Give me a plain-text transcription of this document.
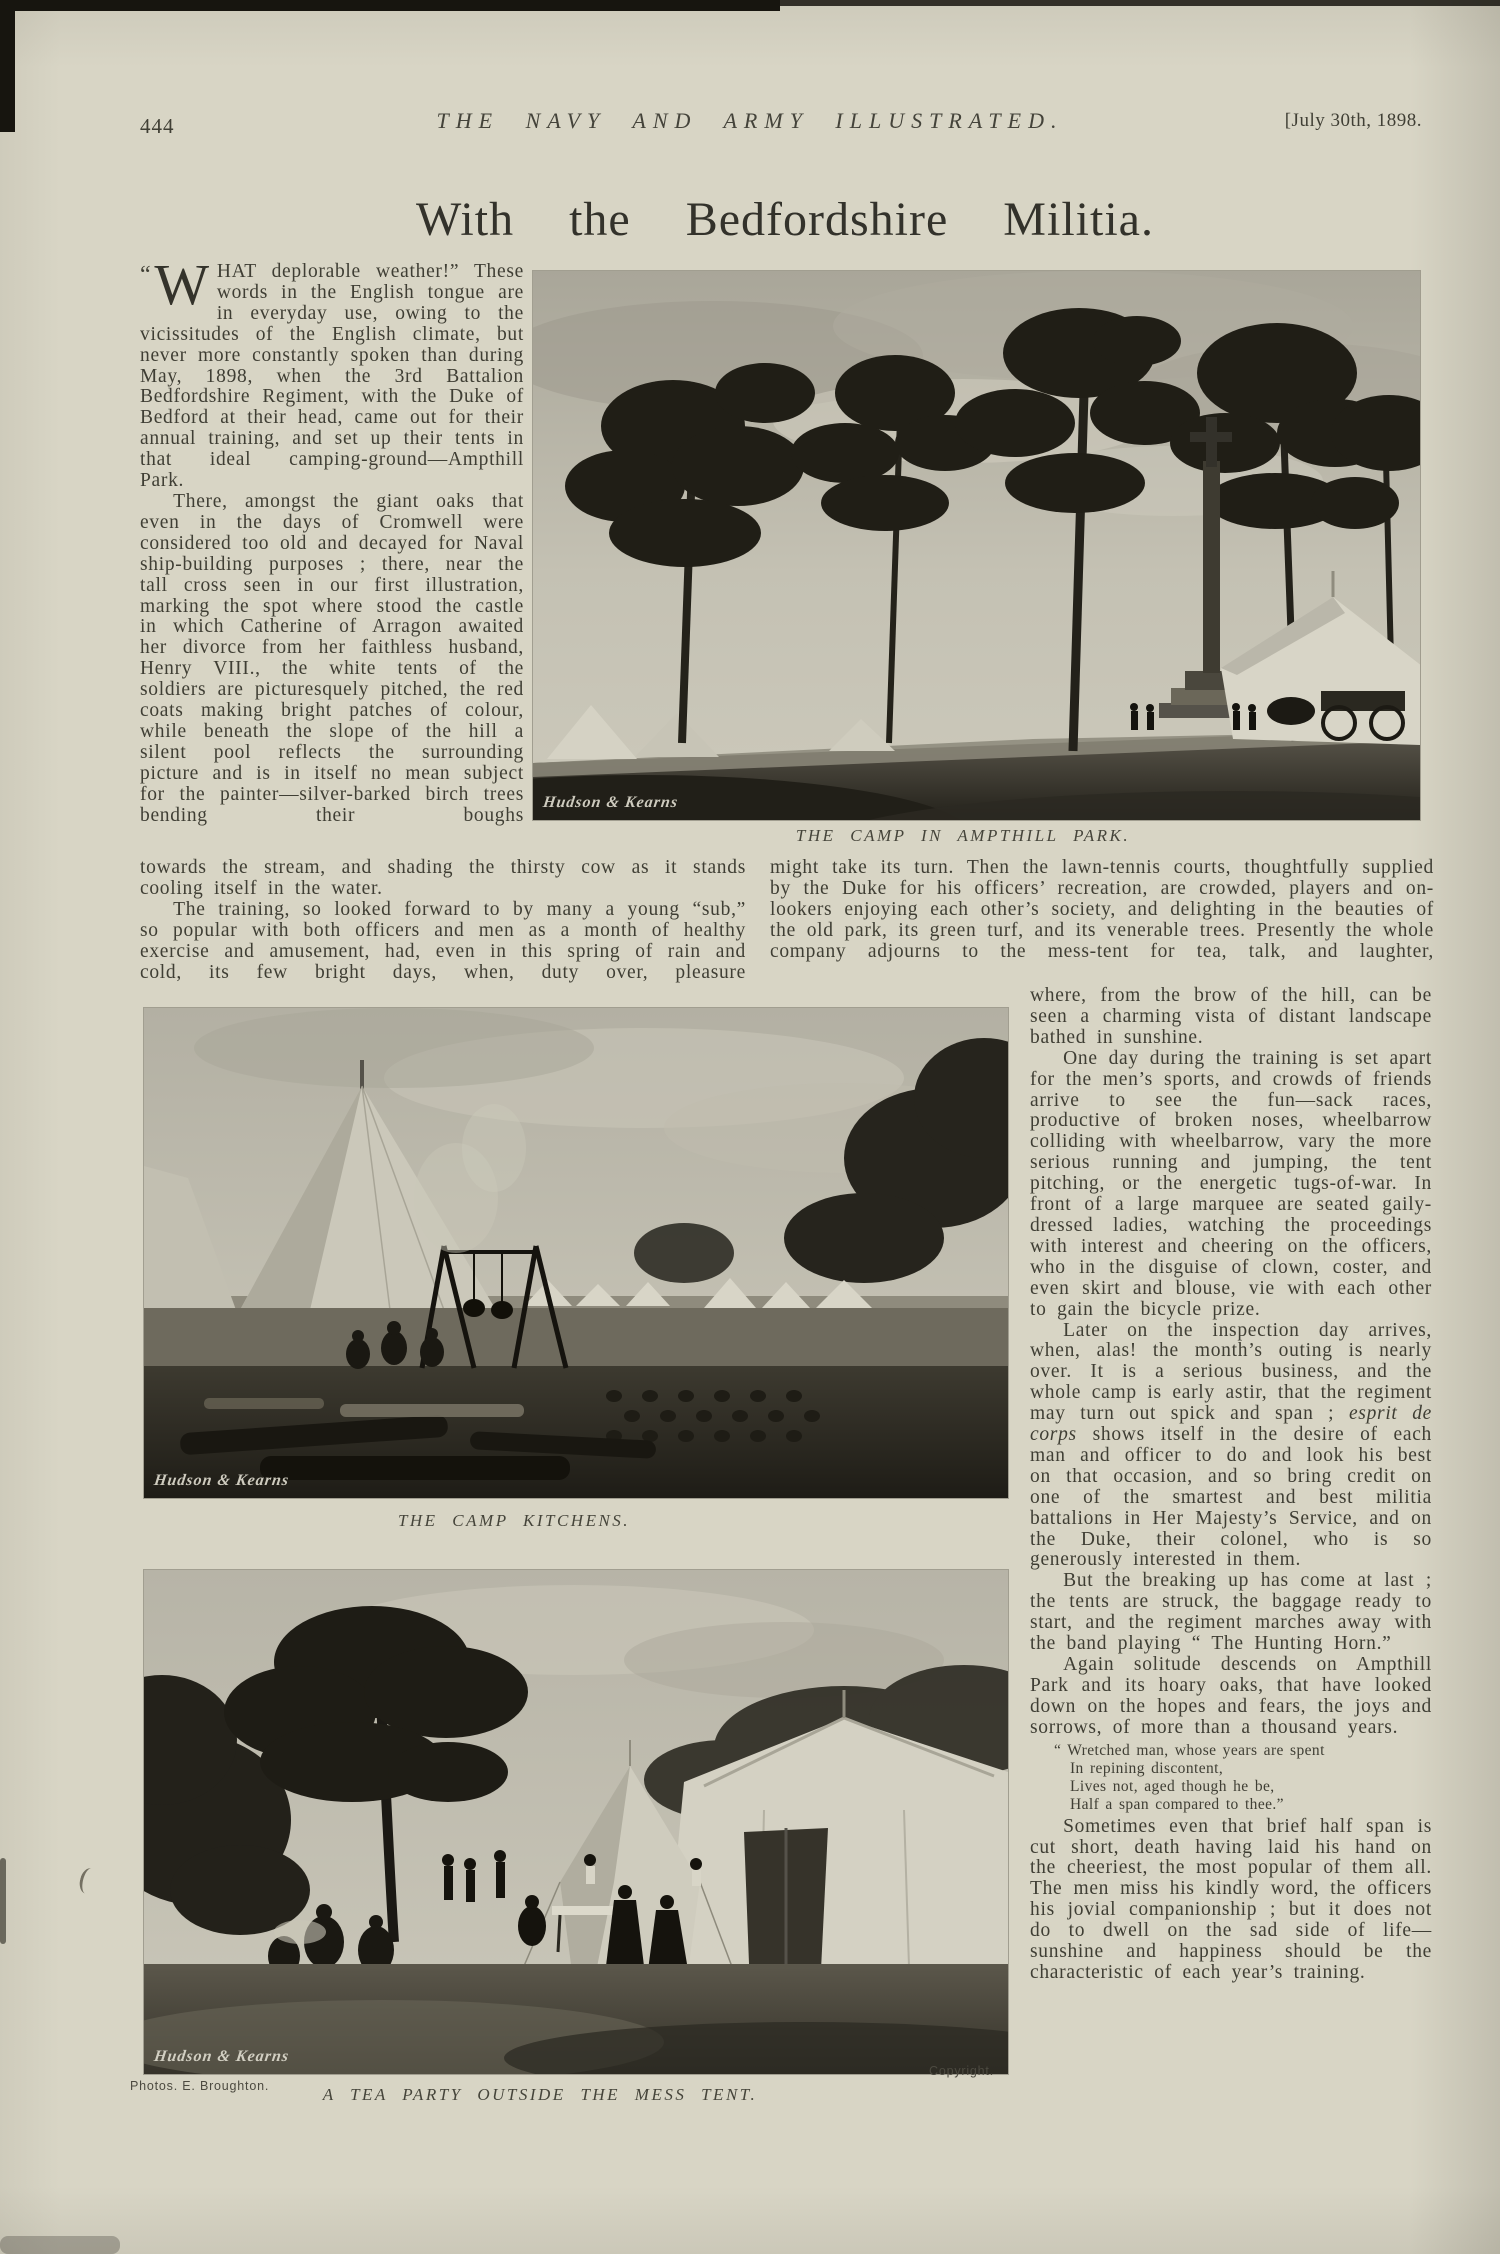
444	THE NAVY AND ARMY ILLUSTRATED.	[July 30th, 1898.
With the Bedfordshire Militia.

“ W HAT deplorable weather!” These words in the English tongue are in everyday use, owing to the vicissitudes of the English climate, but never more constantly spoken than during May, 1898, when the 3rd Battalion Bedfordshire Regiment, with the Duke of Bedford at their head, came out for their annual training, and set up their tents in that ideal camping-ground—Ampthill Park.

There, amongst the giant oaks that even in the days of Cromwell were considered too old and decayed for Naval ship-building purposes ; there, near the tall cross seen in our first illustration, marking the spot where stood the castle in which Catherine of Arragon awaited her divorce from her faithless husband, Henry VIII., the white tents of the soldiers are picturesquely pitched, the red coats making bright patches of colour, while beneath the slope of the hill a silent pool reflects the surrounding picture and is in itself no mean subject for the painter—silver-barked birch trees bending their boughs

towards the stream, and shading the thirsty cow as it stands cooling itself in the water.

The training, so looked forward to by many a young “sub,” so popular with both officers and men as a month of healthy exercise and amusement, had, even in this spring of rain and cold, its few bright days, when, duty over, pleasure

might take its turn. Then the lawn-tennis courts, thoughtfully supplied by the Duke for his officers’ recreation, are crowded, players and on-lookers enjoying each other’s society, and delighting in the beauties of the old park, its green turf, and its venerable trees. Presently the whole company adjourns to the mess-tent for tea, talk, and laughter,

where, from the brow of the hill, can be seen a charming vista of distant landscape bathed in sunshine.

One day during the training is set apart for the men’s sports, and crowds of friends arrive to see the fun—sack races, productive of broken noses, wheelbarrow colliding with wheelbarrow, vary the more serious running and jumping, the tent pitching, or the energetic tugs-of-war. In front of a large marquee are seated gaily-dressed ladies, watching the proceedings with interest and cheering on the officers, who in the disguise of clown, coster, and even skirt and blouse, vie with each other to gain the bicycle prize.

Later on the inspection day arrives, when, alas! the month’s outing is nearly over. It is a serious business, and the whole camp is early astir, that the regiment may turn out spick and span ; esprit de corps shows itself in the desire of each man and officer to do and look his best on that occasion, and so bring credit on one of the smartest and best militia battalions in Her Majesty’s Service, and on the Duke, their colonel, who is so generously interested in them.

But the breaking up has come at last ; the tents are struck, the baggage ready to start, and the regiment marches away with the band playing “ The Hunting Horn.”

Again solitude descends on Ampthill Park and its hoary oaks, that have looked down on the hopes and fears, the joys and sorrows, of more than a thousand years.

“ Wretched man, whose years are spent
In repining discontent,
Lives not, aged though he be,
Half a span compared to thee.”

Sometimes even that brief half span is cut short, death having laid his hand on the cheeriest, the most popular of them all. The men miss his kindly word, the officers his jovial companionship ; but it does not do to dwell on the sad side of life—sunshine and happiness should be the characteristic of each year’s training.

Hudson & Kearns
THE CAMP IN AMPTHILL PARK.
Hudson & Kearns
THE CAMP KITCHENS.
Hudson & Kearns
Photos. E. Broughton.	A TEA PARTY OUTSIDE THE MESS TENT.
Copyright.
